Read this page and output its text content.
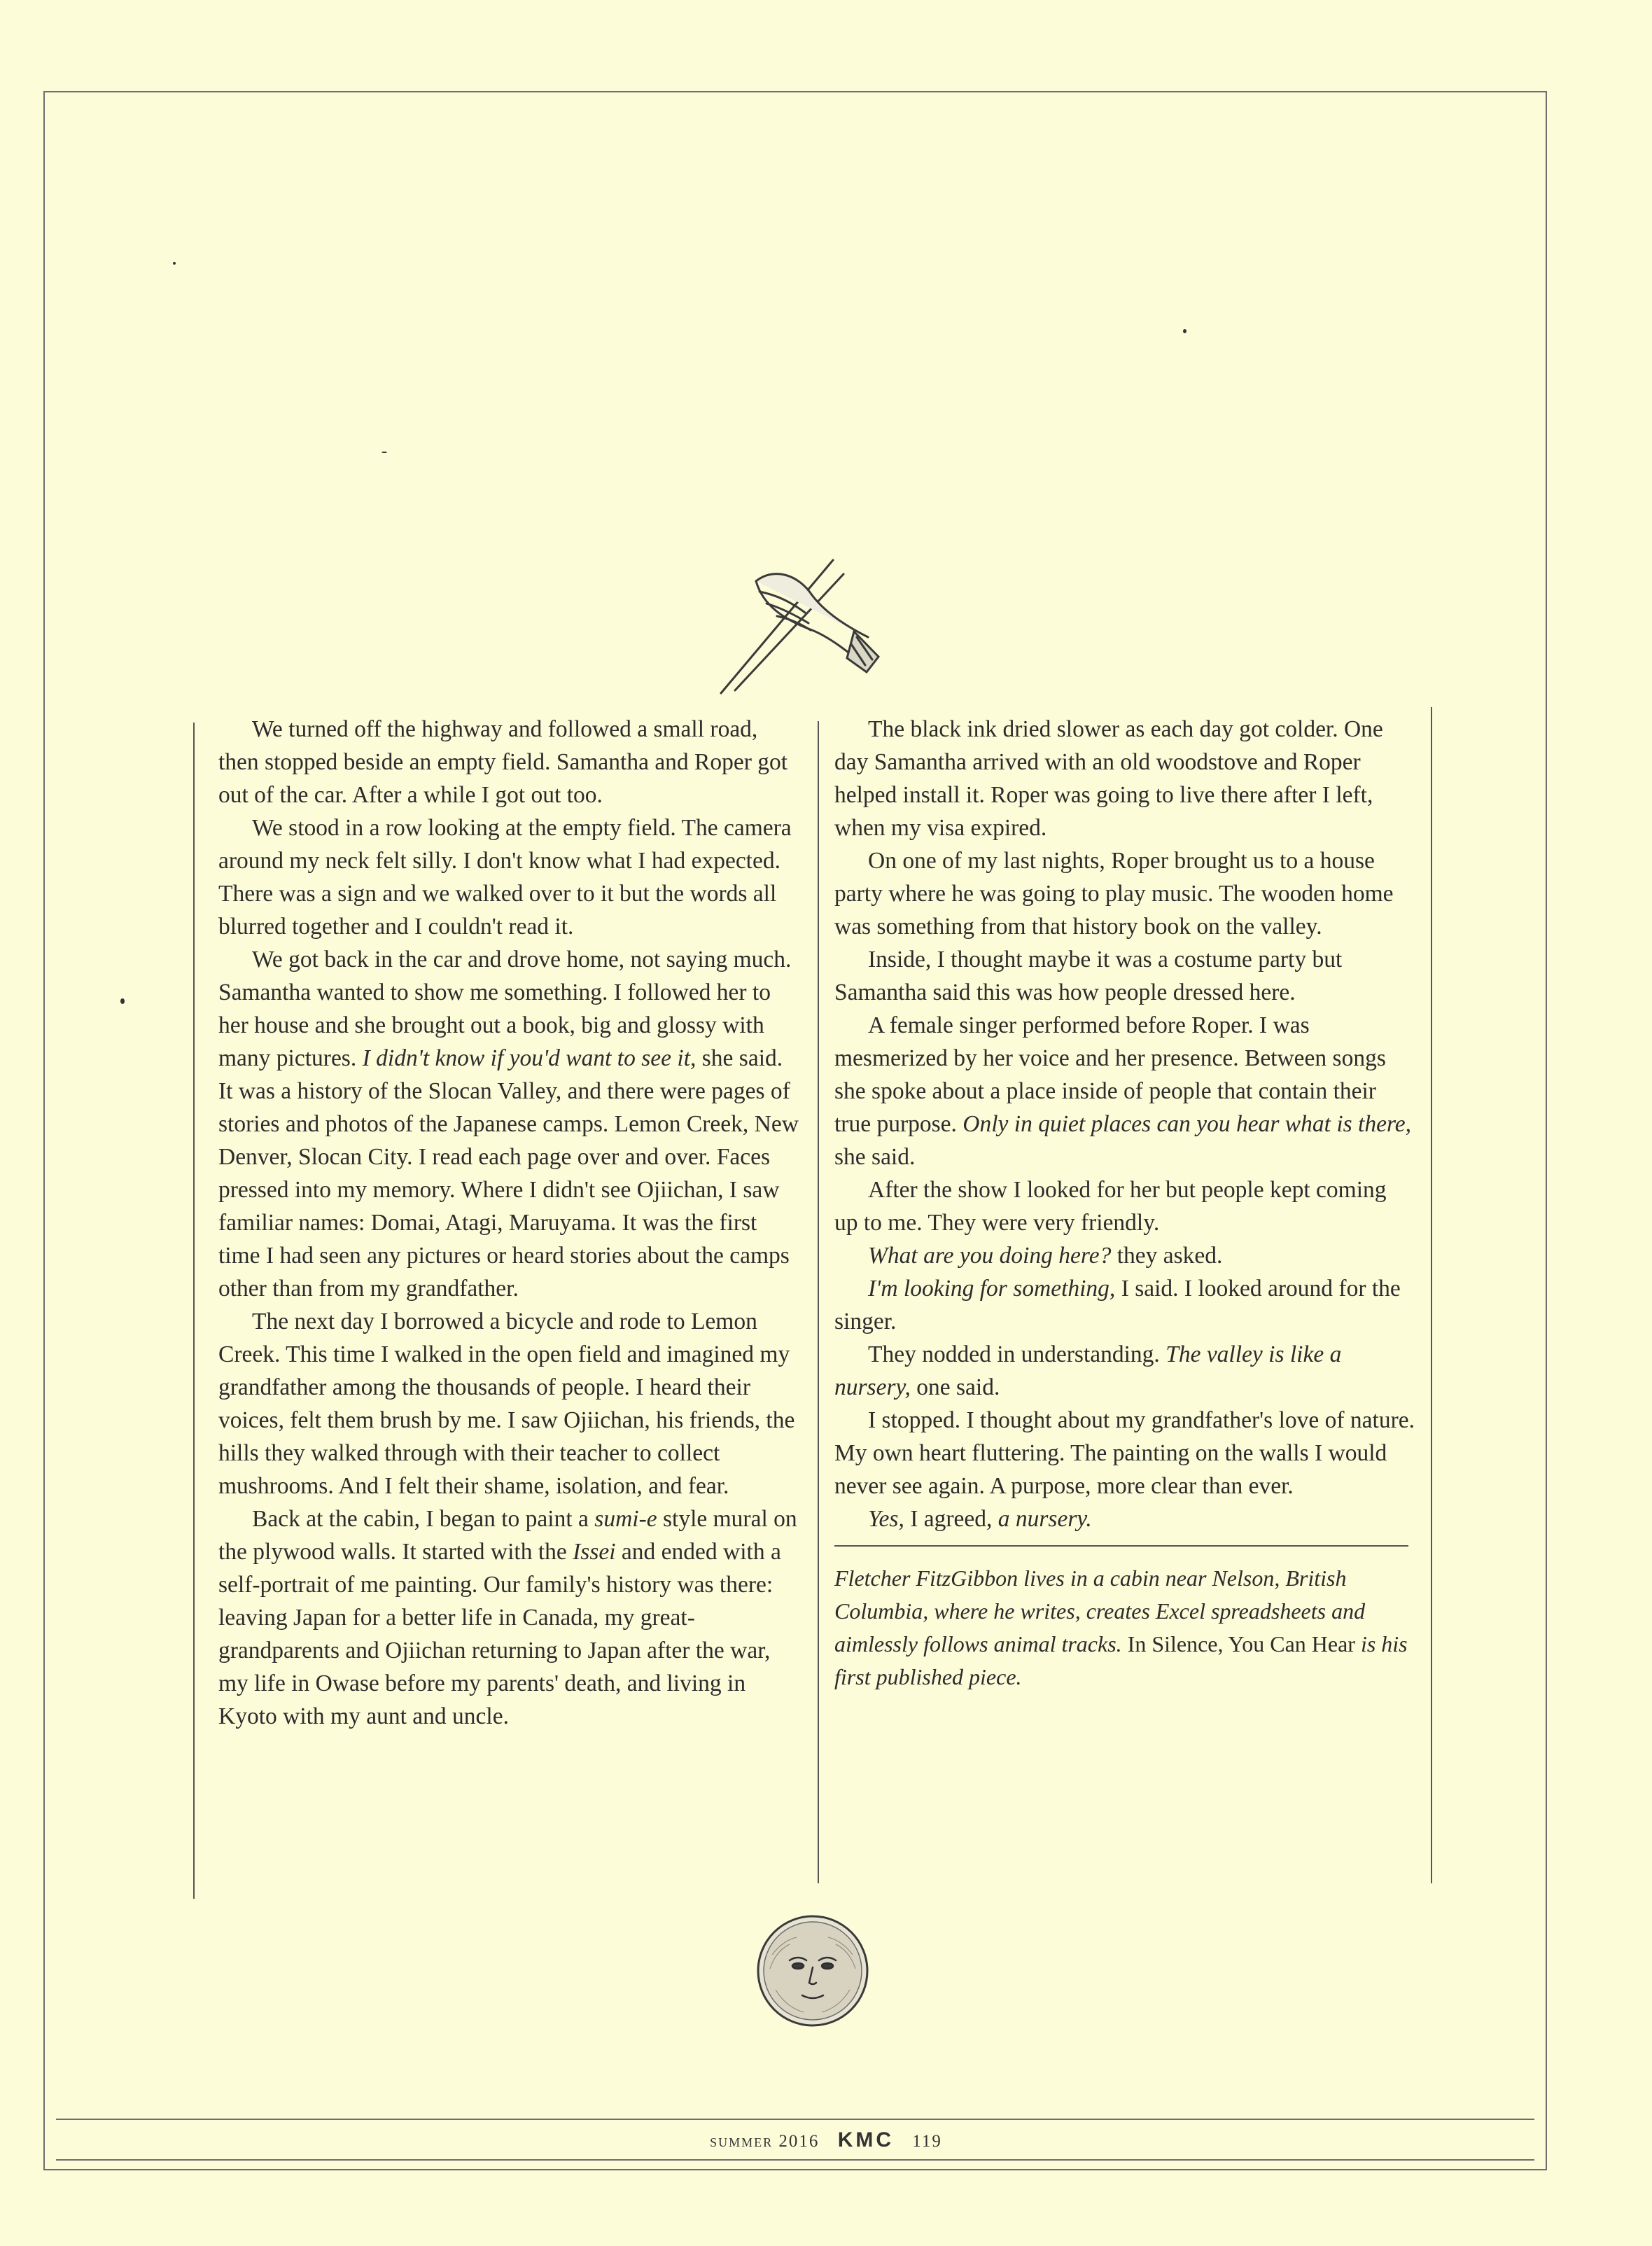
We turned off the highway and followed a small road, then stopped beside an empty field. Samantha and Roper got out of the car. After a while I got out too.

We stood in a row looking at the empty field. The camera around my neck felt silly. I don't know what I had expected. There was a sign and we walked over to it but the words all blurred together and I couldn't read it.

We got back in the car and drove home, not saying much. Samantha wanted to show me something. I followed her to her house and she brought out a book, big and glossy with many pictures. I didn't know if you'd want to see it, she said. It was a history of the Slocan Valley, and there were pages of stories and photos of the Japanese camps. Lemon Creek, New Denver, Slocan City. I read each page over and over. Faces pressed into my memory. Where I didn't see Ojiichan, I saw familiar names: Domai, Atagi, Maruyama. It was the first time I had seen any pictures or heard stories about the camps other than from my grandfather.

The next day I borrowed a bicycle and rode to Lemon Creek. This time I walked in the open field and imagined my grandfather among the thousands of people. I heard their voices, felt them brush by me. I saw Ojiichan, his friends, the hills they walked through with their teacher to collect mushrooms. And I felt their shame, isolation, and fear.

Back at the cabin, I began to paint a sumi-e style mural on the plywood walls. It started with the Issei and ended with a self-portrait of me painting. Our family's history was there: leaving Japan for a better life in Canada, my great-grandparents and Ojiichan returning to Japan after the war, my life in Owase before my parents' death, and living in Kyoto with my aunt and uncle.

The black ink dried slower as each day got colder. One day Samantha arrived with an old woodstove and Roper helped install it. Roper was going to live there after I left, when my visa expired.

On one of my last nights, Roper brought us to a house party where he was going to play music. The wooden home was something from that history book on the valley.

Inside, I thought maybe it was a costume party but Samantha said this was how people dressed here.

A female singer performed before Roper. I was mesmerized by her voice and her presence. Between songs she spoke about a place inside of people that contain their true purpose. Only in quiet places can you hear what is there, she said.

After the show I looked for her but people kept coming up to me. They were very friendly.

What are you doing here? they asked.

I'm looking for something, I said. I looked around for the singer.

They nodded in understanding. The valley is like a nursery, one said.

I stopped. I thought about my grandfather's love of nature. My own heart fluttering. The painting on the walls I would never see again. A purpose, more clear than ever.

Yes, I agreed, a nursery.

Fletcher FitzGibbon lives in a cabin near Nelson, British Columbia, where he writes, creates Excel spreadsheets and aimlessly follows animal tracks. In Silence, You Can Hear is his first published piece.

summer 2016 KMC 119
